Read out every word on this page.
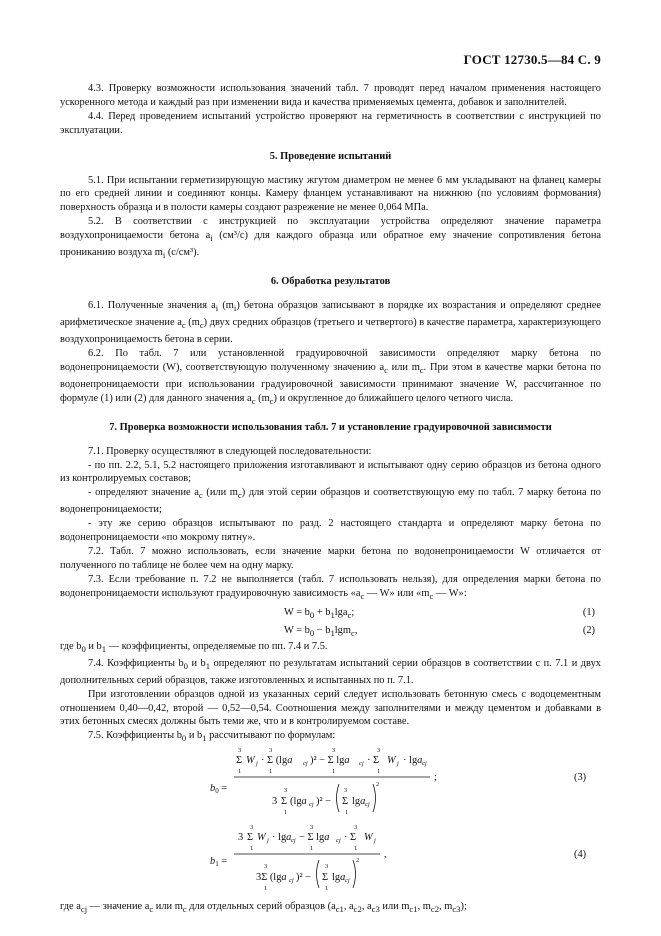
ГОСТ 12730.5—84 С. 9

4.3. Проверку возможности использования значений табл. 7 проводят перед началом применения настоящего ускоренного метода и каждый раз при изменении вида и качества применяемых цемента, добавок и заполнителей.

4.4. Перед проведением испытаний устройство проверяют на герметичность в соответствии с инструкцией по эксплуатации.

5. Проведение испытаний

5.1. При испытании герметизирующую мастику жгутом диаметром не менее 6 мм укладывают на фланец камеры по его средней линии и соединяют концы. Камеру фланцем устанавливают на нижнюю (по условиям формования) поверхность образца и в полости камеры создают разрежение не менее 0,064 МПа.

5.2. В соответствии с инструкцией по эксплуатации устройства определяют значение параметра воздухопроницаемости бетона $a_i$ (см³/с) для каждого образца или обратное ему значение сопротивления бетона прониканию воздуха $m_i$ (с/см³).

6. Обработка результатов

6.1. Полученные значения $a_i$ $(m_i)$ бетона образцов записывают в порядке их возрастания и определяют среднее арифметическое значение $a_c$ $(m_c)$ двух средних образцов (третьего и четвертого) в качестве параметра, характеризующего воздухопроницаемость бетона в серии.

6.2. По табл. 7 или установленной градуировочной зависимости определяют марку бетона по водонепроницаемости (W), соответствующую полученному значению $a_c$ или $m_c$. При этом в качестве марки бетона по водонепроницаемости при использовании градуировочной зависимости принимают значение W, рассчитанное по формуле (1) или (2) для данного значения $a_c$ $(m_c)$ и округленное до ближайшего целого четного числа.

7. Проверка возможности использования табл. 7 и установление градуировочной зависимости

7.1. Проверку осуществляют в следующей последовательности:

- по пп. 2.2, 5.1, 5.2 настоящего приложения изготавливают и испытывают одну серию образцов из бетона одного из контролируемых составов;

- определяют значение $a_c$ (или $m_c$) для этой серии образцов и соответствующую ему по табл. 7 марку бетона по водонепроницаемости;

- эту же серию образцов испытывают по разд. 2 настоящего стандарта и определяют марку бетона по водонепроницаемости «по мокрому пятну».

7.2. Табл. 7 можно использовать, если значение марки бетона по водонепроницаемости W отличается от полученного по таблице не более чем на одну марку.

7.3. Если требование п. 7.2 не выполняется (табл. 7 использовать нельзя), для определения марки бетона по водонепроницаемости используют градуировочную зависимость «$a_c$ — W» или «$m_c$ — W»:

$W = b_0 + b_1\lg a_c$;	(1)
$W = b_0 - b_1\lg m_c$,	(2)

где $b_0$ и $b_1$ — коэффициенты, определяемые по пп. 7.4 и 7.5.

7.4. Коэффициенты $b_0$ и $b_1$ определяют по результатам испытаний серии образцов в соответствии с п. 7.1 и двух дополнительных серий образцов, также изготовленных и испытанных по п. 7.1.

При изготовлении образцов одной из указанных серий следует использовать бетонную смесь с водоцементным отношением 0,40—0,42, второй — 0,52—0,54. Соотношения между заполнителями и между цементом и добавками в этих бетонных смесях должны быть теми же, что и в контролируемом составе.

7.5. Коэффициенты $b_0$ и $b_1$ рассчитывают по формулам:

b0 =
3
Σ
1
W j · Σ (lga cj )² − Σ lga
3
1
3
1
cj · Σ
3
1
W j · lga cj
;
3
3
Σ
1
(lga cj )² −
3
Σ
1
lga cj
2
(3)
b1 =
3
3
Σ
1
W j · lga cj − Σ lga
3
1
cj · Σ
3
1
W j
,
3Σ (lga
3
1
cj )² −
3
Σ
1
lga cj
2
(4)

где $a_{cj}$ — значение $a_c$ или $m_c$ для отдельных серий образцов ($a_{c1}$, $a_{c2}$, $a_{c3}$ или $m_{c1}$, $m_{c2}$, $m_{c3}$);
